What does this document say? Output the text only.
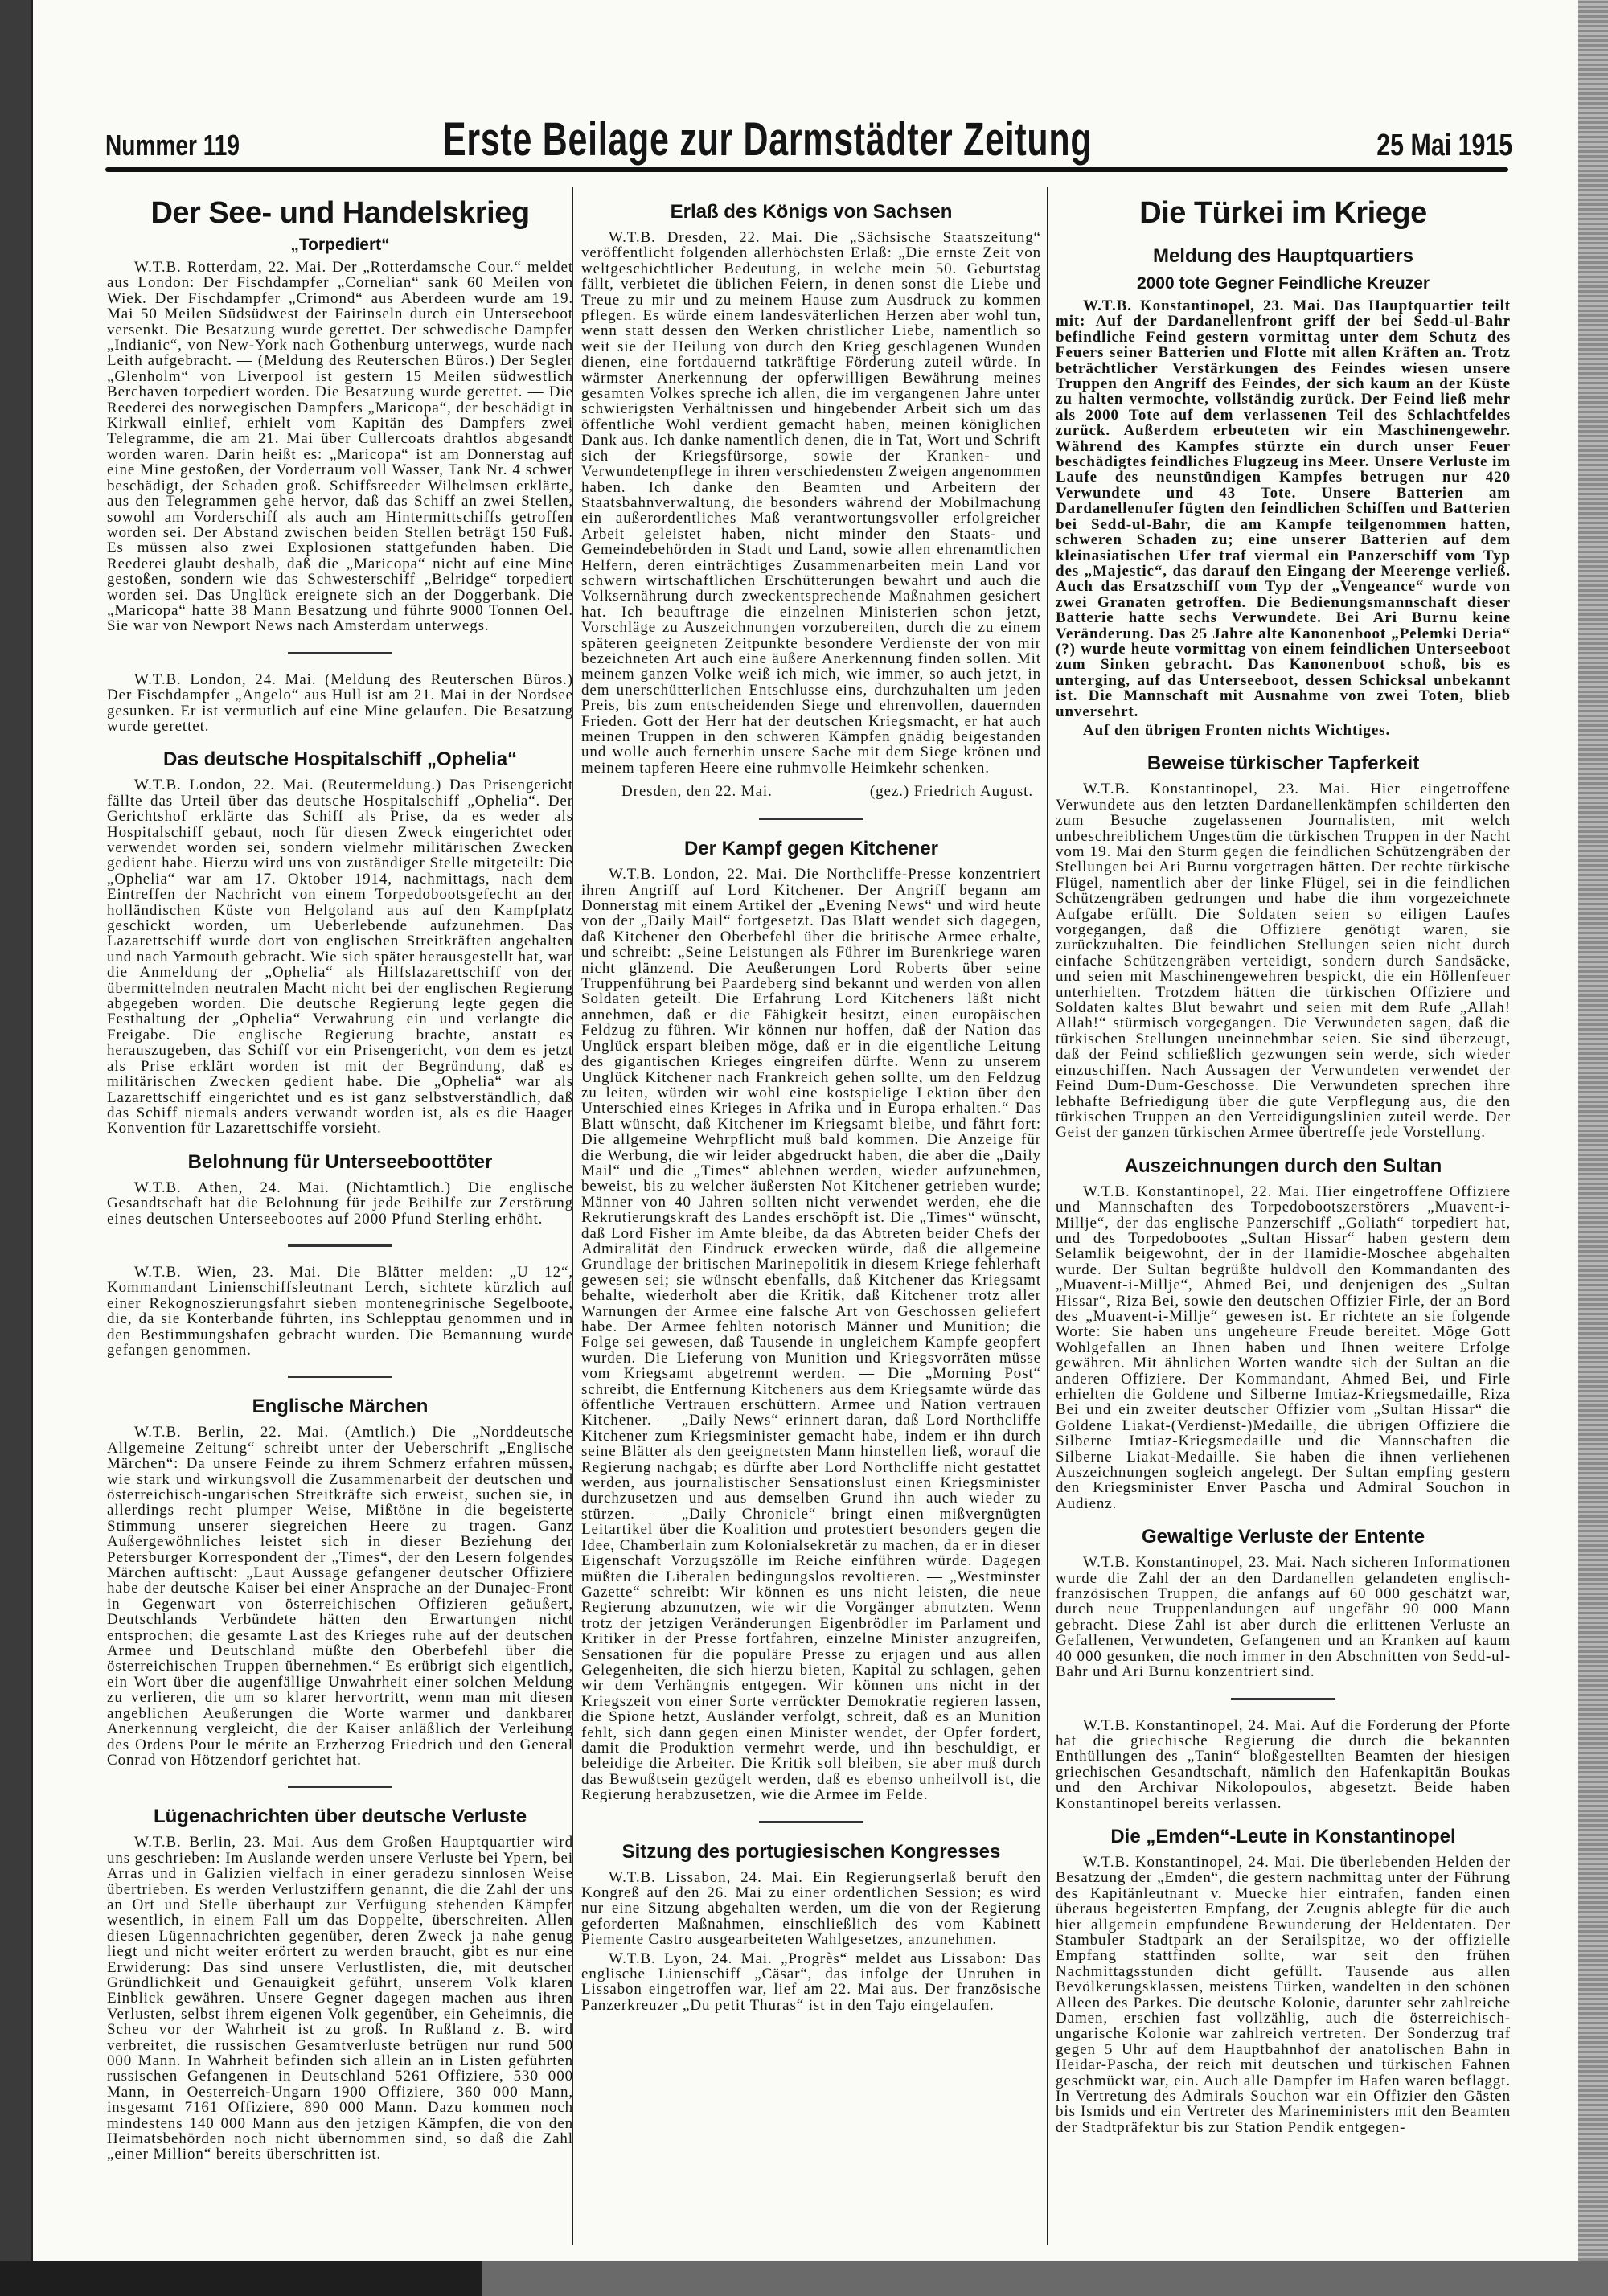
Nummer 119	Erste Beilage zur Darmstädter Zeitung	25 Mai 1915
Der See- und Handelskrieg
„Torpediert“
W.T.B. Rotterdam, 22. Mai. Der „Rotterdamsche Cour.“ meldet aus London: Der Fischdampfer „Cornelian“ sank 60 Meilen von Wiek. Der Fischdampfer „Crimond“ aus Aberdeen wurde am 19. Mai 50 Meilen Südsüdwest der Fairinseln durch ein Unterseeboot versenkt. Die Besatzung wurde gerettet. Der schwedische Dampfer „Indianic“, von New-York nach Gothenburg unterwegs, wurde nach Leith aufgebracht. — (Meldung des Reuterschen Büros.) Der Segler „Glenholm“ von Liverpool ist gestern 15 Meilen südwestlich Berchaven torpediert worden. Die Besatzung wurde gerettet. — Die Reederei des norwegischen Dampfers „Maricopa“, der beschädigt in Kirkwall einlief, erhielt vom Kapitän des Dampfers zwei Telegramme, die am 21. Mai über Cullercoats drahtlos abgesandt worden waren. Darin heißt es: „Maricopa“ ist am Donnerstag auf eine Mine gestoßen, der Vorderraum voll Wasser, Tank Nr. 4 schwer beschädigt, der Schaden groß. Schiffsreeder Wilhelmsen erklärte, aus den Telegrammen gehe hervor, daß das Schiff an zwei Stellen, sowohl am Vorderschiff als auch am Hintermittschiffs getroffen worden sei. Der Abstand zwischen beiden Stellen beträgt 150 Fuß. Es müssen also zwei Explosionen stattgefunden haben. Die Reederei glaubt deshalb, daß die „Maricopa“ nicht auf eine Mine gestoßen, sondern wie das Schwesterschiff „Belridge“ torpediert worden sei. Das Unglück ereignete sich an der Doggerbank. Die „Maricopa“ hatte 38 Mann Besatzung und führte 9000 Tonnen Oel. Sie war von Newport News nach Amsterdam unterwegs.
W.T.B. London, 24. Mai. (Meldung des Reuterschen Büros.) Der Fischdampfer „Angelo“ aus Hull ist am 21. Mai in der Nordsee gesunken. Er ist vermutlich auf eine Mine gelaufen. Die Besatzung wurde gerettet.
Das deutsche Hospitalschiff „Ophelia“
W.T.B. London, 22. Mai. (Reutermeldung.) Das Prisengericht fällte das Urteil über das deutsche Hospitalschiff „Ophelia“. Der Gerichtshof erklärte das Schiff als Prise, da es weder als Hospitalschiff gebaut, noch für diesen Zweck eingerichtet oder verwendet worden sei, sondern vielmehr militärischen Zwecken gedient habe. Hierzu wird uns von zuständiger Stelle mitgeteilt: Die „Ophelia“ war am 17. Oktober 1914, nachmittags, nach dem Eintreffen der Nachricht von einem Torpedobootsgefecht an der holländischen Küste von Helgoland aus auf den Kampfplatz geschickt worden, um Ueberlebende aufzunehmen. Das Lazarettschiff wurde dort von englischen Streitkräften angehalten und nach Yarmouth gebracht. Wie sich später herausgestellt hat, war die Anmeldung der „Ophelia“ als Hilfslazarettschiff von der übermittelnden neutralen Macht nicht bei der englischen Regierung abgegeben worden. Die deutsche Regierung legte gegen die Festhaltung der „Ophelia“ Verwahrung ein und verlangte die Freigabe. Die englische Regierung brachte, anstatt es herauszugeben, das Schiff vor ein Prisengericht, von dem es jetzt als Prise erklärt worden ist mit der Begründung, daß es militärischen Zwecken gedient habe. Die „Ophelia“ war als Lazarettschiff eingerichtet und es ist ganz selbstverständlich, daß das Schiff niemals anders verwandt worden ist, als es die Haager Konvention für Lazarettschiffe vorsieht.
Belohnung für Unterseeboottöter
W.T.B. Athen, 24. Mai. (Nichtamtlich.) Die englische Gesandtschaft hat die Belohnung für jede Beihilfe zur Zerstörung eines deutschen Unterseebootes auf 2000 Pfund Sterling erhöht.
W.T.B. Wien, 23. Mai. Die Blätter melden: „U 12“, Kommandant Linienschiffsleutnant Lerch, sichtete kürzlich auf einer Rekognoszierungsfahrt sieben montenegrinische Segelboote, die, da sie Konterbande führten, ins Schlepptau genommen und in den Bestimmungshafen gebracht wurden. Die Bemannung wurde gefangen genommen.
Englische Märchen
W.T.B. Berlin, 22. Mai. (Amtlich.) Die „Norddeutsche Allgemeine Zeitung“ schreibt unter der Ueberschrift „Englische Märchen“: Da unsere Feinde zu ihrem Schmerz erfahren müssen, wie stark und wirkungsvoll die Zusammenarbeit der deutschen und österreichisch-ungarischen Streitkräfte sich erweist, suchen sie, in allerdings recht plumper Weise, Mißtöne in die begeisterte Stimmung unserer siegreichen Heere zu tragen. Ganz Außergewöhnliches leistet sich in dieser Beziehung der Petersburger Korrespondent der „Times“, der den Lesern folgendes Märchen auftischt: „Laut Aussage gefangener deutscher Offiziere habe der deutsche Kaiser bei einer Ansprache an der Dunajec-Front in Gegenwart von österreichischen Offizieren geäußert, Deutschlands Verbündete hätten den Erwartungen nicht entsprochen; die gesamte Last des Krieges ruhe auf der deutschen Armee und Deutschland müßte den Oberbefehl über die österreichischen Truppen übernehmen.“ Es erübrigt sich eigentlich, ein Wort über die augenfällige Unwahrheit einer solchen Meldung zu verlieren, die um so klarer hervortritt, wenn man mit diesen angeblichen Aeußerungen die Worte warmer und dankbarer Anerkennung vergleicht, die der Kaiser anläßlich der Verleihung des Ordens Pour le mérite an Erzherzog Friedrich und den General Conrad von Hötzendorf gerichtet hat.
Lügenachrichten über deutsche Verluste
W.T.B. Berlin, 23. Mai. Aus dem Großen Hauptquartier wird uns geschrieben: Im Auslande werden unsere Verluste bei Ypern, bei Arras und in Galizien vielfach in einer geradezu sinnlosen Weise übertrieben. Es werden Verlustziffern genannt, die die Zahl der uns an Ort und Stelle überhaupt zur Verfügung stehenden Kämpfer wesentlich, in einem Fall um das Doppelte, überschreiten. Allen diesen Lügennachrichten gegenüber, deren Zweck ja nahe genug liegt und nicht weiter erörtert zu werden braucht, gibt es nur eine Erwiderung: Das sind unsere Verlustlisten, die, mit deutscher Gründlichkeit und Genauigkeit geführt, unserem Volk klaren Einblick gewähren. Unsere Gegner dagegen machen aus ihren Verlusten, selbst ihrem eigenen Volk gegenüber, ein Geheimnis, die Scheu vor der Wahrheit ist zu groß. In Rußland z. B. wird verbreitet, die russischen Gesamtverluste betrügen nur rund 500 000 Mann. In Wahrheit befinden sich allein an in Listen geführten russischen Gefangenen in Deutschland 5261 Offiziere, 530 000 Mann, in Oesterreich-Ungarn 1900 Offiziere, 360 000 Mann, insgesamt 7161 Offiziere, 890 000 Mann. Dazu kommen noch mindestens 140 000 Mann aus den jetzigen Kämpfen, die von den Heimatsbehörden noch nicht übernommen sind, so daß die Zahl „einer Million“ bereits überschritten ist.
Erlaß des Königs von Sachsen
W.T.B. Dresden, 22. Mai. Die „Sächsische Staatszeitung“ veröffentlicht folgenden allerhöchsten Erlaß: „Die ernste Zeit von weltgeschichtlicher Bedeutung, in welche mein 50. Geburtstag fällt, verbietet die üblichen Feiern, in denen sonst die Liebe und Treue zu mir und zu meinem Hause zum Ausdruck zu kommen pflegen. Es würde einem landesväterlichen Herzen aber wohl tun, wenn statt dessen den Werken christlicher Liebe, namentlich so weit sie der Heilung von durch den Krieg geschlagenen Wunden dienen, eine fortdauernd tatkräftige Förderung zuteil würde. In wärmster Anerkennung der opferwilligen Bewährung meines gesamten Volkes spreche ich allen, die im vergangenen Jahre unter schwierigsten Verhältnissen und hingebender Arbeit sich um das öffentliche Wohl verdient gemacht haben, meinen königlichen Dank aus. Ich danke namentlich denen, die in Tat, Wort und Schrift sich der Kriegsfürsorge, sowie der Kranken- und Verwundetenpflege in ihren verschiedensten Zweigen angenommen haben. Ich danke den Beamten und Arbeitern der Staatsbahnverwaltung, die besonders während der Mobilmachung ein außerordentliches Maß verantwortungsvoller erfolgreicher Arbeit geleistet haben, nicht minder den Staats- und Gemeindebehörden in Stadt und Land, sowie allen ehrenamtlichen Helfern, deren einträchtiges Zusammenarbeiten mein Land vor schwern wirtschaftlichen Erschütterungen bewahrt und auch die Volksernährung durch zweckentsprechende Maßnahmen gesichert hat. Ich beauftrage die einzelnen Ministerien schon jetzt, Vorschläge zu Auszeichnungen vorzubereiten, durch die zu einem späteren geeigneten Zeitpunkte besondere Verdienste der von mir bezeichneten Art auch eine äußere Anerkennung finden sollen. Mit meinem ganzen Volke weiß ich mich, wie immer, so auch jetzt, in dem unerschütterlichen Entschlusse eins, durchzuhalten um jeden Preis, bis zum entscheidenden Siege und ehrenvollen, dauernden Frieden. Gott der Herr hat der deutschen Kriegsmacht, er hat auch meinen Truppen in den schweren Kämpfen gnädig beigestanden und wolle auch fernerhin unsere Sache mit dem Siege krönen und meinem tapferen Heere eine ruhmvolle Heimkehr schenken.
Dresden, den 22. Mai.	(gez.) Friedrich August.
Der Kampf gegen Kitchener
W.T.B. London, 22. Mai. Die Northcliffe-Presse konzentriert ihren Angriff auf Lord Kitchener. Der Angriff begann am Donnerstag mit einem Artikel der „Evening News“ und wird heute von der „Daily Mail“ fortgesetzt. Das Blatt wendet sich dagegen, daß Kitchener den Oberbefehl über die britische Armee erhalte, und schreibt: „Seine Leistungen als Führer im Burenkriege waren nicht glänzend. Die Aeußerungen Lord Roberts über seine Truppenführung bei Paardeberg sind bekannt und werden von allen Soldaten geteilt. Die Erfahrung Lord Kitcheners läßt nicht annehmen, daß er die Fähigkeit besitzt, einen europäischen Feldzug zu führen. Wir können nur hoffen, daß der Nation das Unglück erspart bleiben möge, daß er in die eigentliche Leitung des gigantischen Krieges eingreifen dürfte. Wenn zu unserem Unglück Kitchener nach Frankreich gehen sollte, um den Feldzug zu leiten, würden wir wohl eine kostspielige Lektion über den Unterschied eines Krieges in Afrika und in Europa erhalten.“ Das Blatt wünscht, daß Kitchener im Kriegsamt bleibe, und fährt fort: Die allgemeine Wehrpflicht muß bald kommen. Die Anzeige für die Werbung, die wir leider abgedruckt haben, die aber die „Daily Mail“ und die „Times“ ablehnen werden, wieder aufzunehmen, beweist, bis zu welcher äußersten Not Kitchener getrieben wurde; Männer von 40 Jahren sollten nicht verwendet werden, ehe die Rekrutierungskraft des Landes erschöpft ist. Die „Times“ wünscht, daß Lord Fisher im Amte bleibe, da das Abtreten beider Chefs der Admiralität den Eindruck erwecken würde, daß die allgemeine Grundlage der britischen Marinepolitik in diesem Kriege fehlerhaft gewesen sei; sie wünscht ebenfalls, daß Kitchener das Kriegsamt behalte, wiederholt aber die Kritik, daß Kitchener trotz aller Warnungen der Armee eine falsche Art von Geschossen geliefert habe. Der Armee fehlten notorisch Männer und Munition; die Folge sei gewesen, daß Tausende in ungleichem Kampfe geopfert wurden. Die Lieferung von Munition und Kriegsvorräten müsse vom Kriegsamt abgetrennt werden. — Die „Morning Post“ schreibt, die Entfernung Kitcheners aus dem Kriegsamte würde das öffentliche Vertrauen erschüttern. Armee und Nation vertrauen Kitchener. — „Daily News“ erinnert daran, daß Lord Northcliffe Kitchener zum Kriegsminister gemacht habe, indem er ihn durch seine Blätter als den geeignetsten Mann hinstellen ließ, worauf die Regierung nachgab; es dürfte aber Lord Northcliffe nicht gestattet werden, aus journalistischer Sensationslust einen Kriegsminister durchzusetzen und aus demselben Grund ihn auch wieder zu stürzen. — „Daily Chronicle“ bringt einen mißvergnügten Leitartikel über die Koalition und protestiert besonders gegen die Idee, Chamberlain zum Kolonialsekretär zu machen, da er in dieser Eigenschaft Vorzugszölle im Reiche einführen würde. Dagegen müßten die Liberalen bedingungslos revoltieren. — „Westminster Gazette“ schreibt: Wir können es uns nicht leisten, die neue Regierung abzunutzen, wie wir die Vorgänger abnutzten. Wenn trotz der jetzigen Veränderungen Eigenbrödler im Parlament und Kritiker in der Presse fortfahren, einzelne Minister anzugreifen, Sensationen für die populäre Presse zu erjagen und aus allen Gelegenheiten, die sich hierzu bieten, Kapital zu schlagen, gehen wir dem Verhängnis entgegen. Wir können uns nicht in der Kriegszeit von einer Sorte verrückter Demokratie regieren lassen, die Spione hetzt, Ausländer verfolgt, schreit, daß es an Munition fehlt, sich dann gegen einen Minister wendet, der Opfer fordert, damit die Produktion vermehrt werde, und ihn beschuldigt, er beleidige die Arbeiter. Die Kritik soll bleiben, sie aber muß durch das Bewußtsein gezügelt werden, daß es ebenso unheilvoll ist, die Regierung herabzusetzen, wie die Armee im Felde.
Sitzung des portugiesischen Kongresses
W.T.B. Lissabon, 24. Mai. Ein Regierungserlaß beruft den Kongreß auf den 26. Mai zu einer ordentlichen Session; es wird nur eine Sitzung abgehalten werden, um die von der Regierung geforderten Maßnahmen, einschließlich des vom Kabinett Piemente Castro ausgearbeiteten Wahlgesetzes, anzunehmen.
W.T.B. Lyon, 24. Mai. „Progrès“ meldet aus Lissabon: Das englische Linienschiff „Cäsar“, das infolge der Unruhen in Lissabon eingetroffen war, lief am 22. Mai aus. Der französische Panzerkreuzer „Du petit Thuras“ ist in den Tajo eingelaufen.
Die Türkei im Kriege
Meldung des Hauptquartiers
2000 tote Gegner Feindliche Kreuzer
W.T.B. Konstantinopel, 23. Mai. Das Hauptquartier teilt mit: Auf der Dardanellenfront griff der bei Sedd-ul-Bahr befindliche Feind gestern vormittag unter dem Schutz des Feuers seiner Batterien und Flotte mit allen Kräften an. Trotz beträchtlicher Verstärkungen des Feindes wiesen unsere Truppen den Angriff des Feindes, der sich kaum an der Küste zu halten vermochte, vollständig zurück. Der Feind ließ mehr als 2000 Tote auf dem verlassenen Teil des Schlachtfeldes zurück. Außerdem erbeuteten wir ein Maschinengewehr. Während des Kampfes stürzte ein durch unser Feuer beschädigtes feindliches Flugzeug ins Meer. Unsere Verluste im Laufe des neunstündigen Kampfes betrugen nur 420 Verwundete und 43 Tote. Unsere Batterien am Dardanellenufer fügten den feindlichen Schiffen und Batterien bei Sedd-ul-Bahr, die am Kampfe teilgenommen hatten, schweren Schaden zu; eine unserer Batterien auf dem kleinasiatischen Ufer traf viermal ein Panzerschiff vom Typ des „Majestic“, das darauf den Eingang der Meerenge verließ. Auch das Ersatzschiff vom Typ der „Vengeance“ wurde von zwei Granaten getroffen. Die Bedienungsmannschaft dieser Batterie hatte sechs Verwundete. Bei Ari Burnu keine Veränderung. Das 25 Jahre alte Kanonenboot „Pelemki Deria“ (?) wurde heute vormittag von einem feindlichen Unterseeboot zum Sinken gebracht. Das Kanonenboot schoß, bis es unterging, auf das Unterseeboot, dessen Schicksal unbekannt ist. Die Mannschaft mit Ausnahme von zwei Toten, blieb unversehrt.
Auf den übrigen Fronten nichts Wichtiges.
Beweise türkischer Tapferkeit
W.T.B. Konstantinopel, 23. Mai. Hier eingetroffene Verwundete aus den letzten Dardanellenkämpfen schilderten den zum Besuche zugelassenen Journalisten, mit welch unbeschreiblichem Ungestüm die türkischen Truppen in der Nacht vom 19. Mai den Sturm gegen die feindlichen Schützengräben der Stellungen bei Ari Burnu vorgetragen hätten. Der rechte türkische Flügel, namentlich aber der linke Flügel, sei in die feindlichen Schützengräben gedrungen und habe die ihm vorgezeichnete Aufgabe erfüllt. Die Soldaten seien so eiligen Laufes vorgegangen, daß die Offiziere genötigt waren, sie zurückzuhalten. Die feindlichen Stellungen seien nicht durch einfache Schützengräben verteidigt, sondern durch Sandsäcke, und seien mit Maschinengewehren bespickt, die ein Höllenfeuer unterhielten. Trotzdem hätten die türkischen Offiziere und Soldaten kaltes Blut bewahrt und seien mit dem Rufe „Allah! Allah!“ stürmisch vorgegangen. Die Verwundeten sagen, daß die türkischen Stellungen uneinnehmbar seien. Sie sind überzeugt, daß der Feind schließlich gezwungen sein werde, sich wieder einzuschiffen. Nach Aussagen der Verwundeten verwendet der Feind Dum-Dum-Geschosse. Die Verwundeten sprechen ihre lebhafte Befriedigung über die gute Verpflegung aus, die den türkischen Truppen an den Verteidigungslinien zuteil werde. Der Geist der ganzen türkischen Armee übertreffe jede Vorstellung.
Auszeichnungen durch den Sultan
W.T.B. Konstantinopel, 22. Mai. Hier eingetroffene Offiziere und Mannschaften des Torpedobootszerstörers „Muavent-i-Millje“, der das englische Panzerschiff „Goliath“ torpediert hat, und des Torpedobootes „Sultan Hissar“ haben gestern dem Selamlik beigewohnt, der in der Hamidie-Moschee abgehalten wurde. Der Sultan begrüßte huldvoll den Kommandanten des „Muavent-i-Millje“, Ahmed Bei, und denjenigen des „Sultan Hissar“, Riza Bei, sowie den deutschen Offizier Firle, der an Bord des „Muavent-i-Millje“ gewesen ist. Er richtete an sie folgende Worte: Sie haben uns ungeheure Freude bereitet. Möge Gott Wohlgefallen an Ihnen haben und Ihnen weitere Erfolge gewähren. Mit ähnlichen Worten wandte sich der Sultan an die anderen Offiziere. Der Kommandant, Ahmed Bei, und Firle erhielten die Goldene und Silberne Imtiaz-Kriegsmedaille, Riza Bei und ein zweiter deutscher Offizier vom „Sultan Hissar“ die Goldene Liakat-(Verdienst-)Medaille, die übrigen Offiziere die Silberne Imtiaz-Kriegsmedaille und die Mannschaften die Silberne Liakat-Medaille. Sie haben die ihnen verliehenen Auszeichnungen sogleich angelegt. Der Sultan empfing gestern den Kriegsminister Enver Pascha und Admiral Souchon in Audienz.
Gewaltige Verluste der Entente
W.T.B. Konstantinopel, 23. Mai. Nach sicheren Informationen wurde die Zahl der an den Dardanellen gelandeten englisch-französischen Truppen, die anfangs auf 60 000 geschätzt war, durch neue Truppenlandungen auf ungefähr 90 000 Mann gebracht. Diese Zahl ist aber durch die erlittenen Verluste an Gefallenen, Verwundeten, Gefangenen und an Kranken auf kaum 40 000 gesunken, die noch immer in den Abschnitten von Sedd-ul-Bahr und Ari Burnu konzentriert sind.
W.T.B. Konstantinopel, 24. Mai. Auf die Forderung der Pforte hat die griechische Regierung die durch die bekannten Enthüllungen des „Tanin“ bloßgestellten Beamten der hiesigen griechischen Gesandtschaft, nämlich den Hafenkapitän Boukas und den Archivar Nikolopoulos, abgesetzt. Beide haben Konstantinopel bereits verlassen.
Die „Emden“-Leute in Konstantinopel
W.T.B. Konstantinopel, 24. Mai. Die überlebenden Helden der Besatzung der „Emden“, die gestern nachmittag unter der Führung des Kapitänleutnant v. Muecke hier eintrafen, fanden einen überaus begeisterten Empfang, der Zeugnis ablegte für die auch hier allgemein empfundene Bewunderung der Heldentaten. Der Stambuler Stadtpark an der Serailspitze, wo der offizielle Empfang stattfinden sollte, war seit den frühen Nachmittagsstunden dicht gefüllt. Tausende aus allen Bevölkerungsklassen, meistens Türken, wandelten in den schönen Alleen des Parkes. Die deutsche Kolonie, darunter sehr zahlreiche Damen, erschien fast vollzählig, auch die österreichisch-ungarische Kolonie war zahlreich vertreten. Der Sonderzug traf gegen 5 Uhr auf dem Hauptbahnhof der anatolischen Bahn in Heidar-Pascha, der reich mit deutschen und türkischen Fahnen geschmückt war, ein. Auch alle Dampfer im Hafen waren beflaggt. In Vertretung des Admirals Souchon war ein Offizier den Gästen bis Ismids und ein Vertreter des Marineministers mit den Beamten der Stadtpräfektur bis zur Station Pendik entgegen-
